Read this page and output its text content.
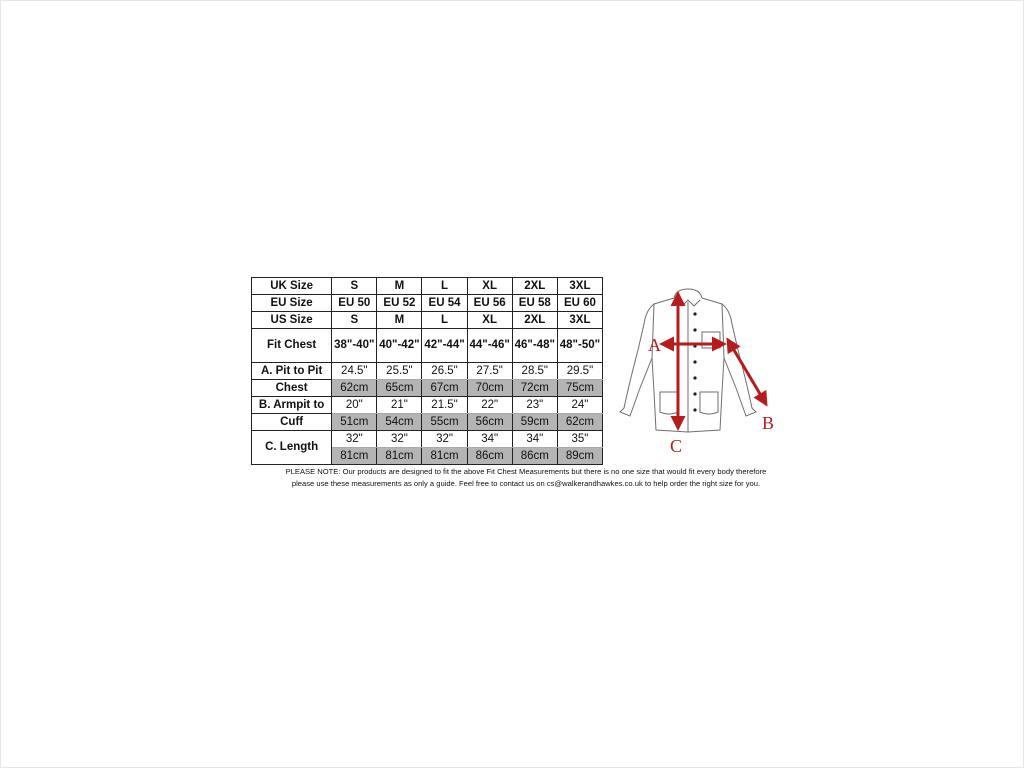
UK Size	S	M	L	XL	2XL	3XL
EU Size	EU 50	EU 52	EU 54	EU 56	EU 58	EU 60
US Size	S	M	L	XL	2XL	3XL
Fit Chest	38"-40"	40"-42"	42"-44"	44"-46"	46"-48"	48"-50"
A. Pit to Pit	24.5"	25.5"	26.5"	27.5"	28.5"	29.5"
Chest	62cm	65cm	67cm	70cm	72cm	75cm
B. Armpit to	20"	21"	21.5"	22"	23"	24"
Cuff	51cm	54cm	55cm	56cm	59cm	62cm
C. Length	32"	32"	32"	34"	34"	35"
	81cm	81cm	81cm	86cm	86cm	89cm
PLEASE NOTE: Our products are designed to fit the above Fit Chest Measurements but there is no one size that would fit every body therefore
please use these measurements as only a guide. Feel free to contact us on cs@walkerandhawkes.co.uk to help order the right size for you.
A
B
C
